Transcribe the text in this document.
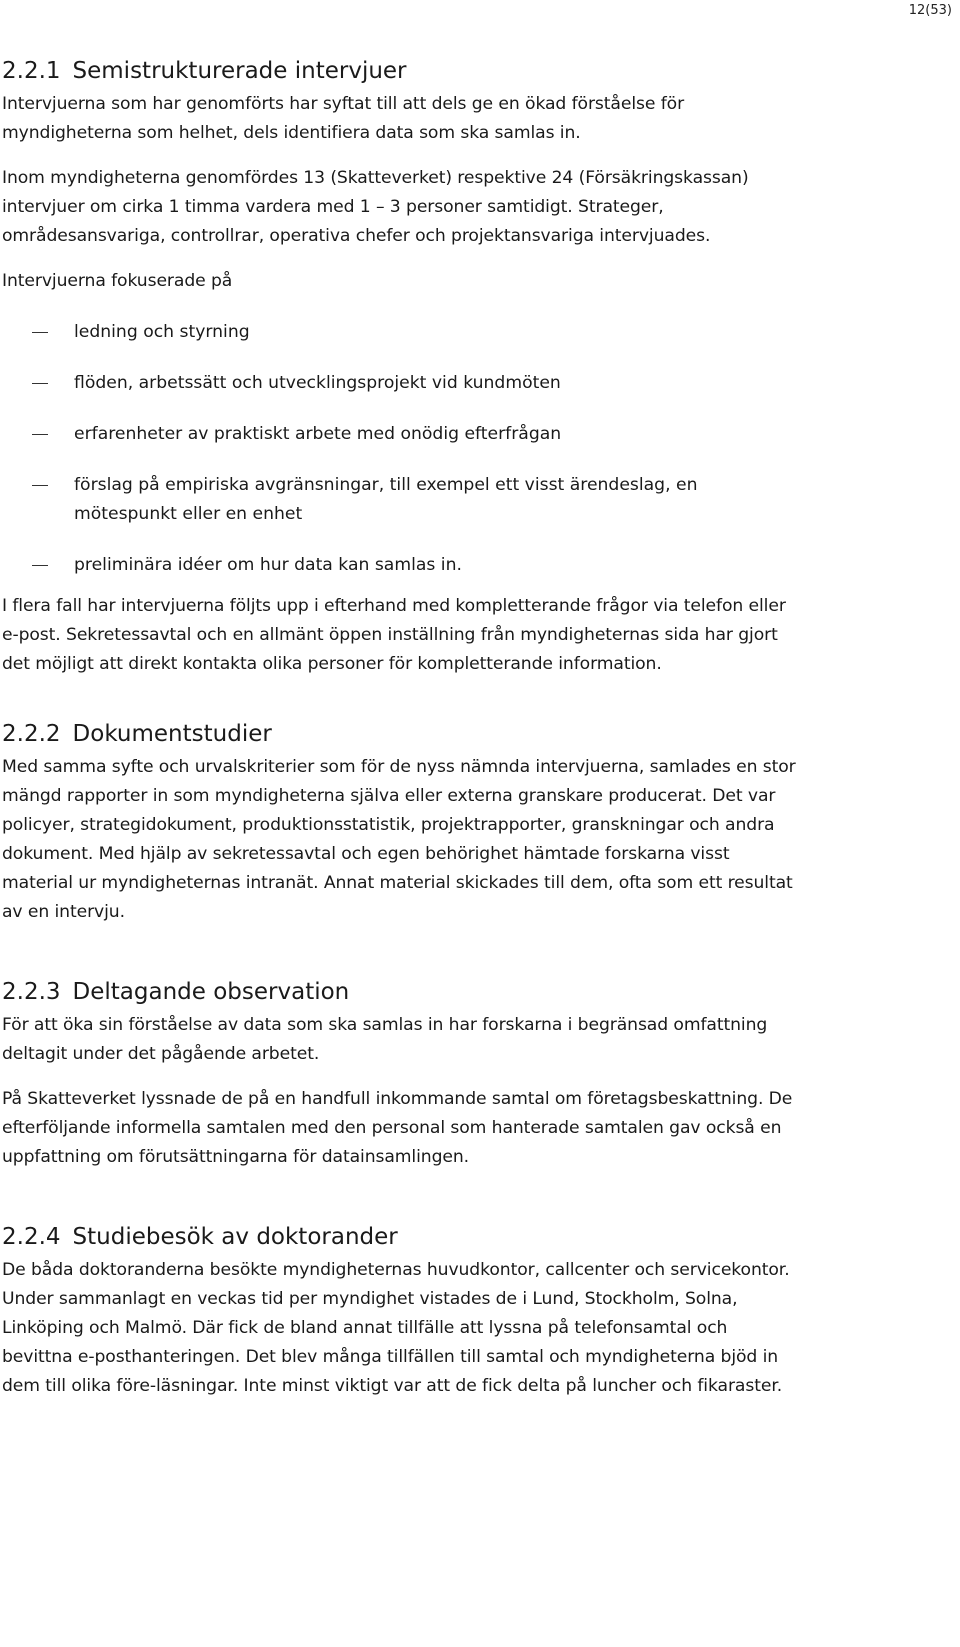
12(53)
2.2.1 Semistrukturerade intervjuer

Intervjuerna som har genomförts har syftat till att dels ge en ökad förståelse för myndigheterna som helhet, dels identifiera data som ska samlas in.

Inom myndigheterna genomfördes 13 (Skatteverket) respektive 24 (Försäkringskassan) intervjuer om cirka 1 timma vardera med 1 – 3 personer samtidigt. Strateger, områdesansvariga, controllrar, operativa chefer och projektansvariga intervjuades.

Intervjuerna fokuserade på

ledning och styrning
flöden, arbetssätt och utvecklingsprojekt vid kundmöten
erfarenheter av praktiskt arbete med onödig efterfrågan
förslag på empiriska avgränsningar, till exempel ett visst ärendeslag, en mötespunkt eller en enhet
preliminära idéer om hur data kan samlas in.

I flera fall har intervjuerna följts upp i efterhand med kompletterande frågor via telefon eller e-post. Sekretessavtal och en allmänt öppen inställning från myndigheternas sida har gjort det möjligt att direkt kontakta olika personer för kompletterande information.

2.2.2 Dokumentstudier

Med samma syfte och urvalskriterier som för de nyss nämnda intervjuerna, samlades en stor mängd rapporter in som myndigheterna själva eller externa granskare producerat. Det var policyer, strategidokument, produktionsstatistik, projektrapporter, granskningar och andra dokument. Med hjälp av sekretessavtal och egen behörighet hämtade forskarna visst material ur myndigheternas intranät. Annat material skickades till dem, ofta som ett resultat av en intervju.

2.2.3 Deltagande observation

För att öka sin förståelse av data som ska samlas in har forskarna i begränsad omfattning deltagit under det pågående arbetet.

På Skatteverket lyssnade de på en handfull inkommande samtal om företagsbeskattning. De efterföljande informella samtalen med den personal som hanterade samtalen gav också en uppfattning om förutsättningarna för datainsamlingen.

2.2.4 Studiebesök av doktorander

De båda doktoranderna besökte myndigheternas huvudkontor, callcenter och servicekontor. Under sammanlagt en veckas tid per myndighet vistades de i Lund, Stockholm, Solna, Linköping och Malmö. Där fick de bland annat tillfälle att lyssna på telefonsamtal och bevittna e-posthanteringen. Det blev många tillfällen till samtal och myndigheterna bjöd in dem till olika före-läsningar. Inte minst viktigt var att de fick delta på luncher och fikaraster.
